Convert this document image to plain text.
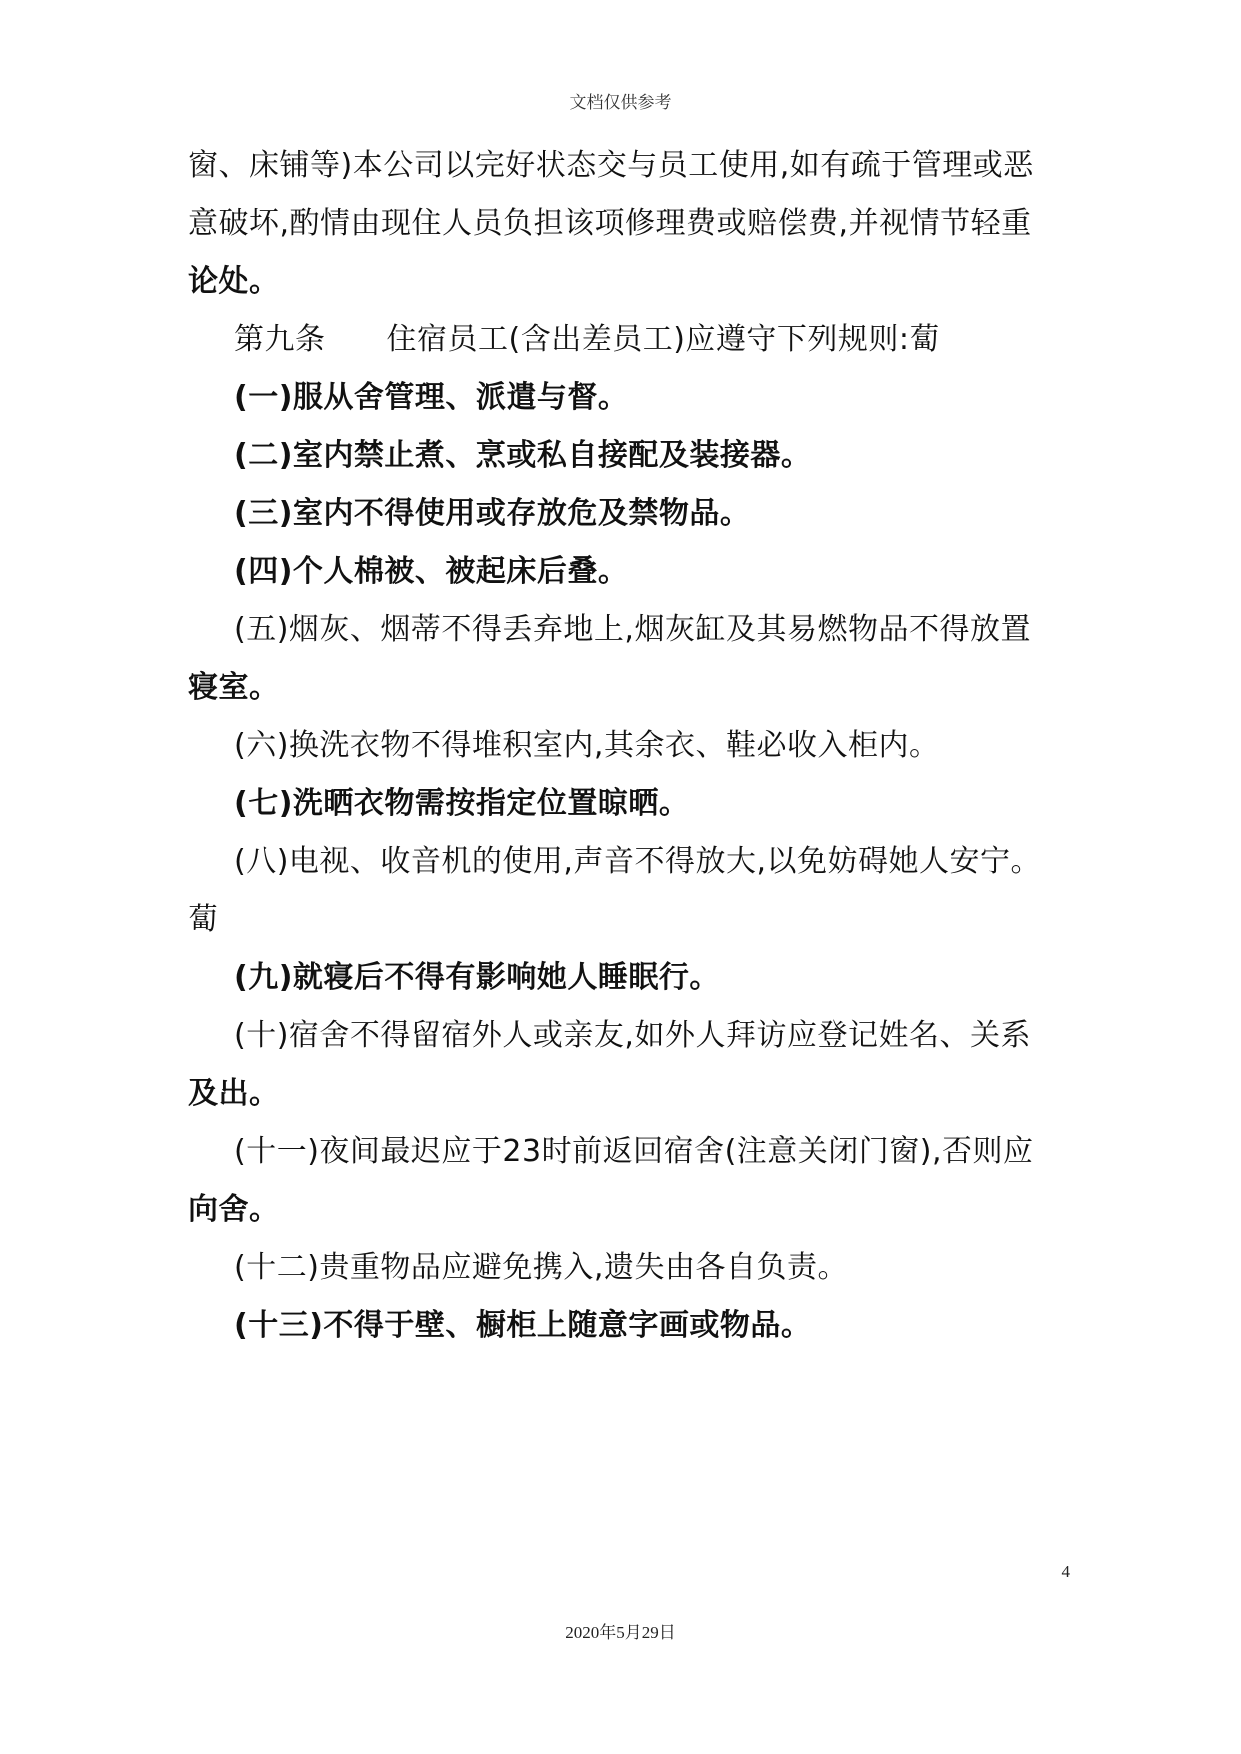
文档仅供参考
窗、床铺等)本公司以完好状态交与员工使用,如有疏于管理或恶
意破坏,酌情由现住人员负担该项修理费或赔偿费,并视情节轻重
论处。
第九条　　住宿员工(含出差员工)应遵守下列规则:蔔
(一)服从舍管理、派遣与督。
(二)室内禁止煮、烹或私自接配及装接器。
(三)室内不得使用或存放危及禁物品。
(四)个人棉被、被起床后叠。
(五)烟灰、烟蒂不得丢弃地上,烟灰缸及其易燃物品不得放置
寝室。
(六)换洗衣物不得堆积室内,其余衣、鞋必收入柜内。
(七)洗晒衣物需按指定位置晾晒。
(八)电视、收音机的使用,声音不得放大,以免妨碍她人安宁。
蔔
(九)就寝后不得有影响她人睡眠行。
(十)宿舍不得留宿外人或亲友,如外人拜访应登记姓名、关系
及出。
(十一)夜间最迟应于23时前返回宿舍(注意关闭门窗),否则应
向舍。
(十二)贵重物品应避免携入,遗失由各自负责。
(十三)不得于壁、橱柜上随意字画或物品。
4
2020年5月29日
